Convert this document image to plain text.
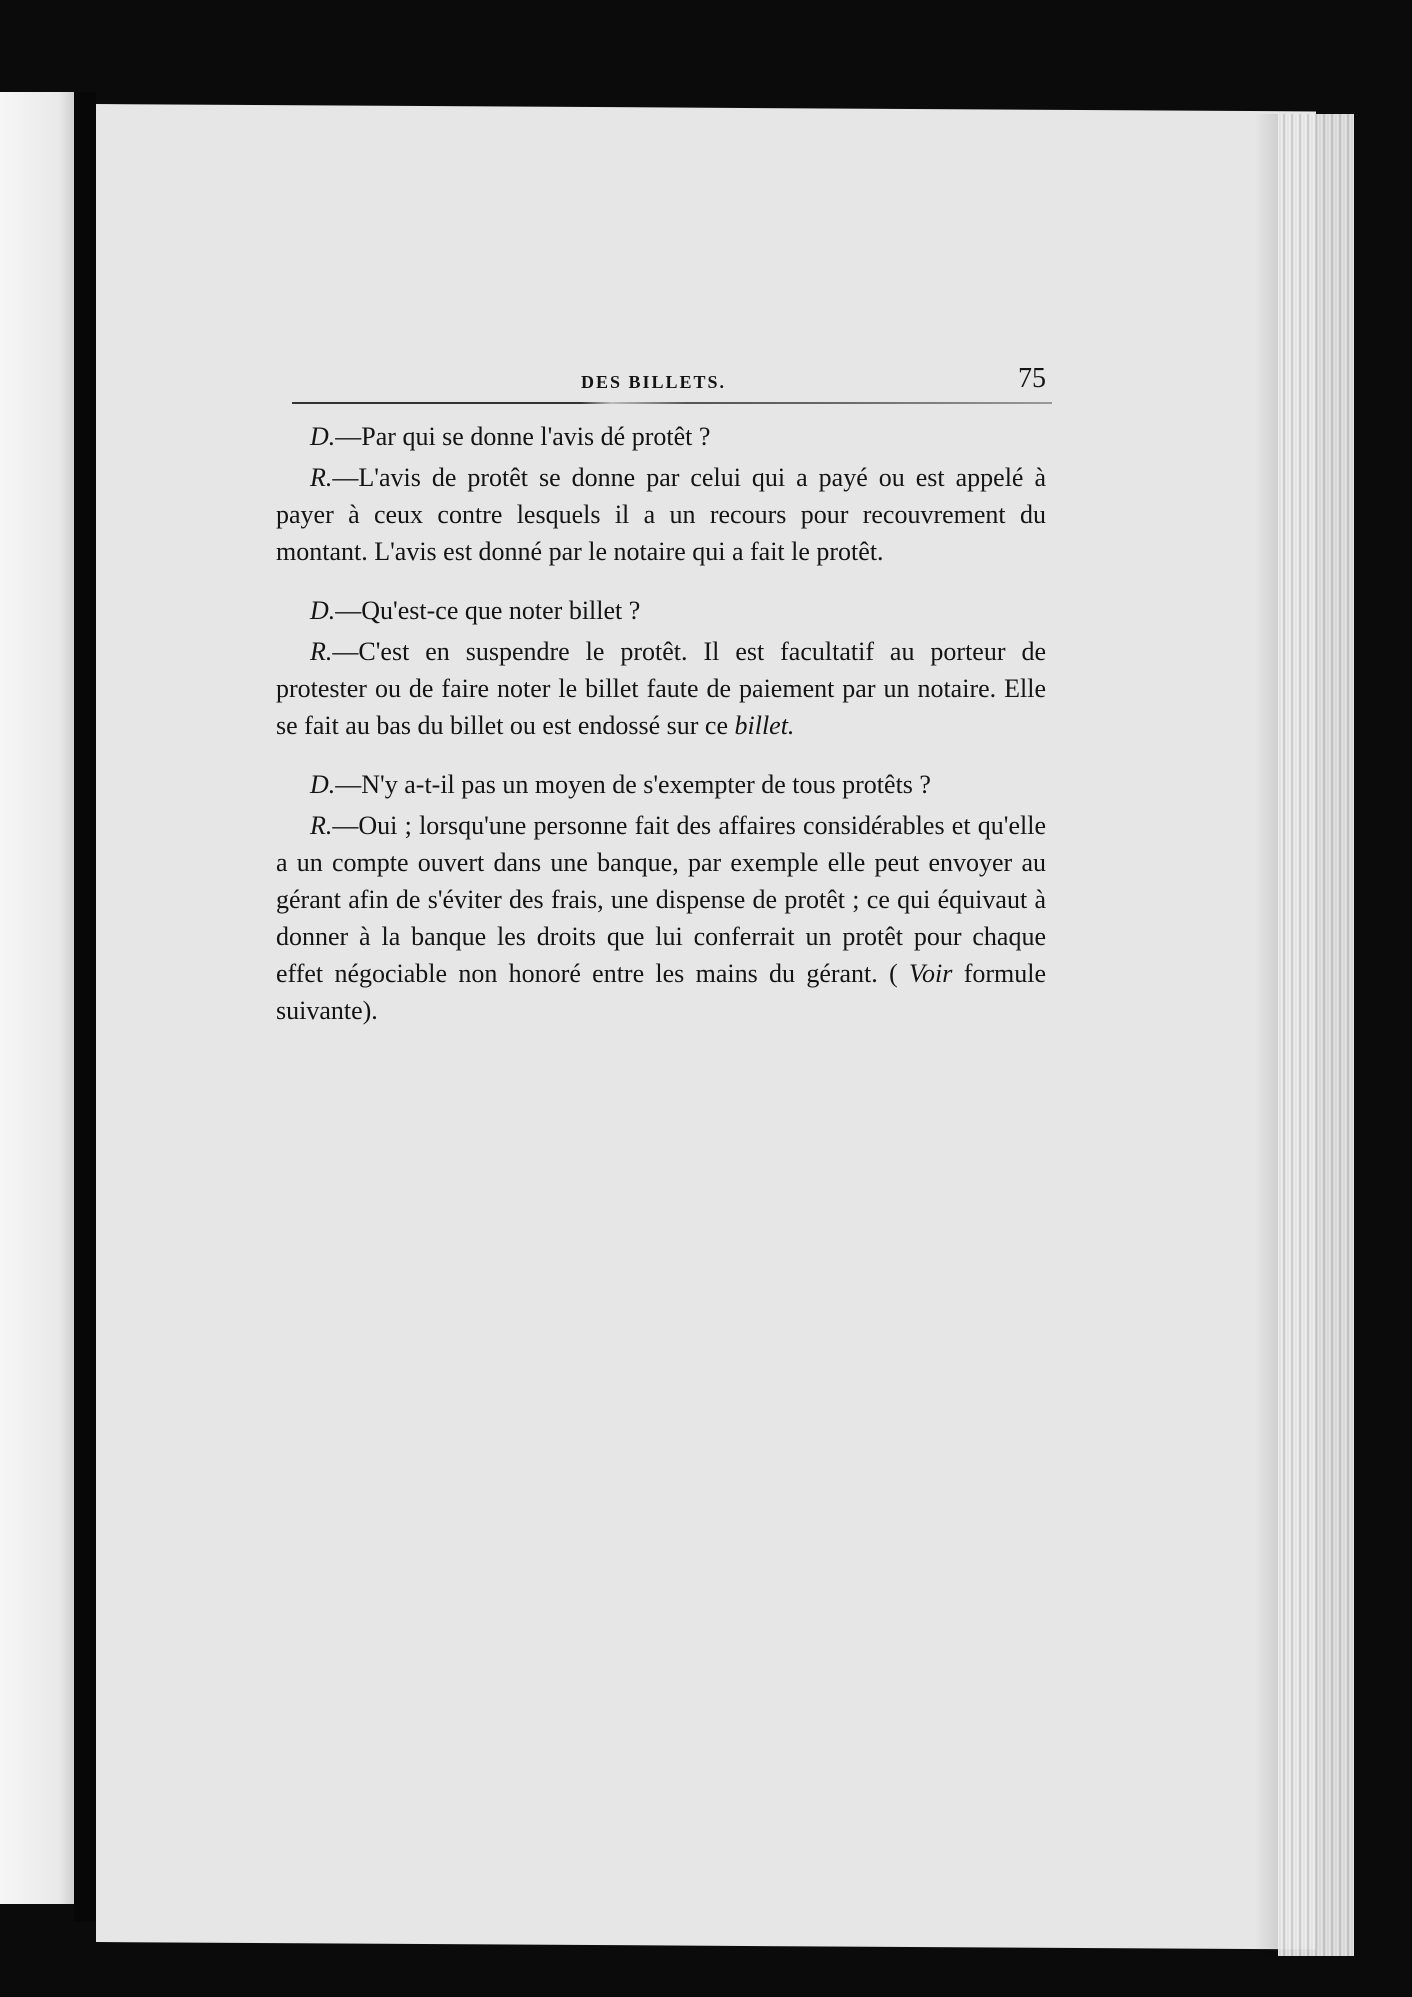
DES BILLETS.	75

D.—Par qui se donne l'avis dé protêt ?

R.—L'avis de protêt se donne par celui qui a payé ou est appelé à payer à ceux contre lesquels il a un recours pour recouvrement du montant. L'avis est donné par le notaire qui a fait le protêt.

D.—Qu'est-ce que noter billet ?

R.—C'est en suspendre le protêt. Il est facultatif au porteur de protester ou de faire noter le billet faute de paiement par un notaire. Elle se fait au bas du billet ou est endossé sur ce billet.

D.—N'y a-t-il pas un moyen de s'exempter de tous protêts ?

R.—Oui ; lorsqu'une personne fait des affaires considérables et qu'elle a un compte ouvert dans une banque, par exemple elle peut envoyer au gérant afin de s'éviter des frais, une dispense de protêt ; ce qui équivaut à donner à la banque les droits que lui conferrait un protêt pour chaque effet négociable non honoré entre les mains du gérant. ( Voir formule suivante).
